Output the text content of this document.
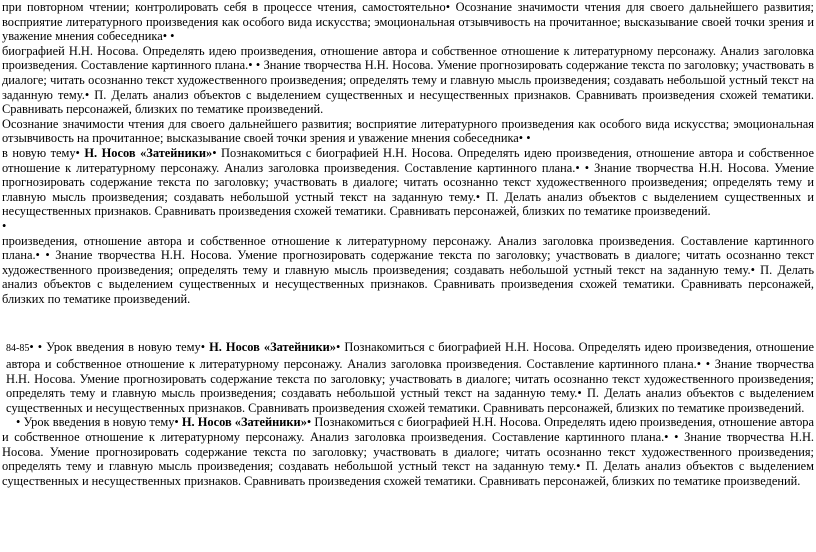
при повторном чтении; контролировать себя в процессе чтения, самостоятельно• Осознание значимости чтения для своего дальнейшего развития; восприятие литературного произведения как особого вида искусства; эмоциональная отзывчивость на прочитанное; высказывание своей точки зрения и уважение мнения собеседника• •

биографией Н.Н. Носова. Определять идею произведения, отношение автора и собственное отношение к литературному персонажу. Анализ заголовка произведения. Составление картинного плана.• • Знание творчества Н.Н. Носова. Умение прогнозировать содержание текста по заголовку; участвовать в диалоге; читать осознанно текст художественного произведения; определять тему и главную мысль произведения; создавать небольшой устный текст на заданную тему.• П. Делать анализ объектов с выделением существенных и несущественных признаков. Сравнивать произведения схожей тематики. Сравнивать персонажей, близких по тематике произведений.

Осознание значимости чтения для своего дальнейшего развития; восприятие литературного произведения как особого вида искусства; эмоциональная отзывчивость на прочитанное; высказывание своей точки зрения и уважение мнения собеседника• •

в новую тему• Н. Носов «Затейники»• Познакомиться с биографией Н.Н. Носова. Определять идею произведения, отношение автора и собственное отношение к литературному персонажу. Анализ заголовка произведения. Составление картинного плана.• • Знание творчества Н.Н. Носова. Умение прогнозировать содержание текста по заголовку; участвовать в диалоге; читать осознанно текст художественного произведения; определять тему и главную мысль произведения; создавать небольшой устный текст на заданную тему.• П. Делать анализ объектов с выделением существенных и несущественных признаков. Сравнивать произведения схожей тематики. Сравнивать персонажей, близких по тематике произведений.

•

произведения, отношение автора и собственное отношение к литературному персонажу. Анализ заголовка произведения. Составление картинного плана.• • Знание творчества Н.Н. Носова. Умение прогнозировать содержание текста по заголовку; участвовать в диалоге; читать осознанно текст художественного произведения; определять тему и главную мысль произведения; создавать небольшой устный текст на заданную тему.• П. Делать анализ объектов с выделением существенных и несущественных признаков. Сравнивать произведения схожей тематики. Сравнивать персонажей, близких по тематике произведений.

84-85• • Урок введения в новую тему• Н. Носов «Затейники»• Познакомиться с биографией Н.Н. Носова. Определять идею произведения, отношение автора и собственное отношение к литературному персонажу. Анализ заголовка произведения. Составление картинного плана.• • Знание творчества Н.Н. Носова. Умение прогнозировать содержание текста по заголовку; участвовать в диалоге; читать осознанно текст художественного произведения; определять тему и главную мысль произведения; создавать небольшой устный текст на заданную тему.• П. Делать анализ объектов с выделением существенных и несущественных признаков. Сравнивать произведения схожей тематики. Сравнивать персонажей, близких по тематике произведений.

• Урок введения в новую тему• Н. Носов «Затейники»• Познакомиться с биографией Н.Н. Носова. Определять идею произведения, отношение автора и собственное отношение к литературному персонажу. Анализ заголовка произведения. Составление картинного плана.• • Знание творчества Н.Н. Носова. Умение прогнозировать содержание текста по заголовку; участвовать в диалоге; читать осознанно текст художественного произведения; определять тему и главную мысль произведения; создавать небольшой устный текст на заданную тему.• П. Делать анализ объектов с выделением существенных и несущественных признаков. Сравнивать произведения схожей тематики. Сравнивать персонажей, близких по тематике произведений.
